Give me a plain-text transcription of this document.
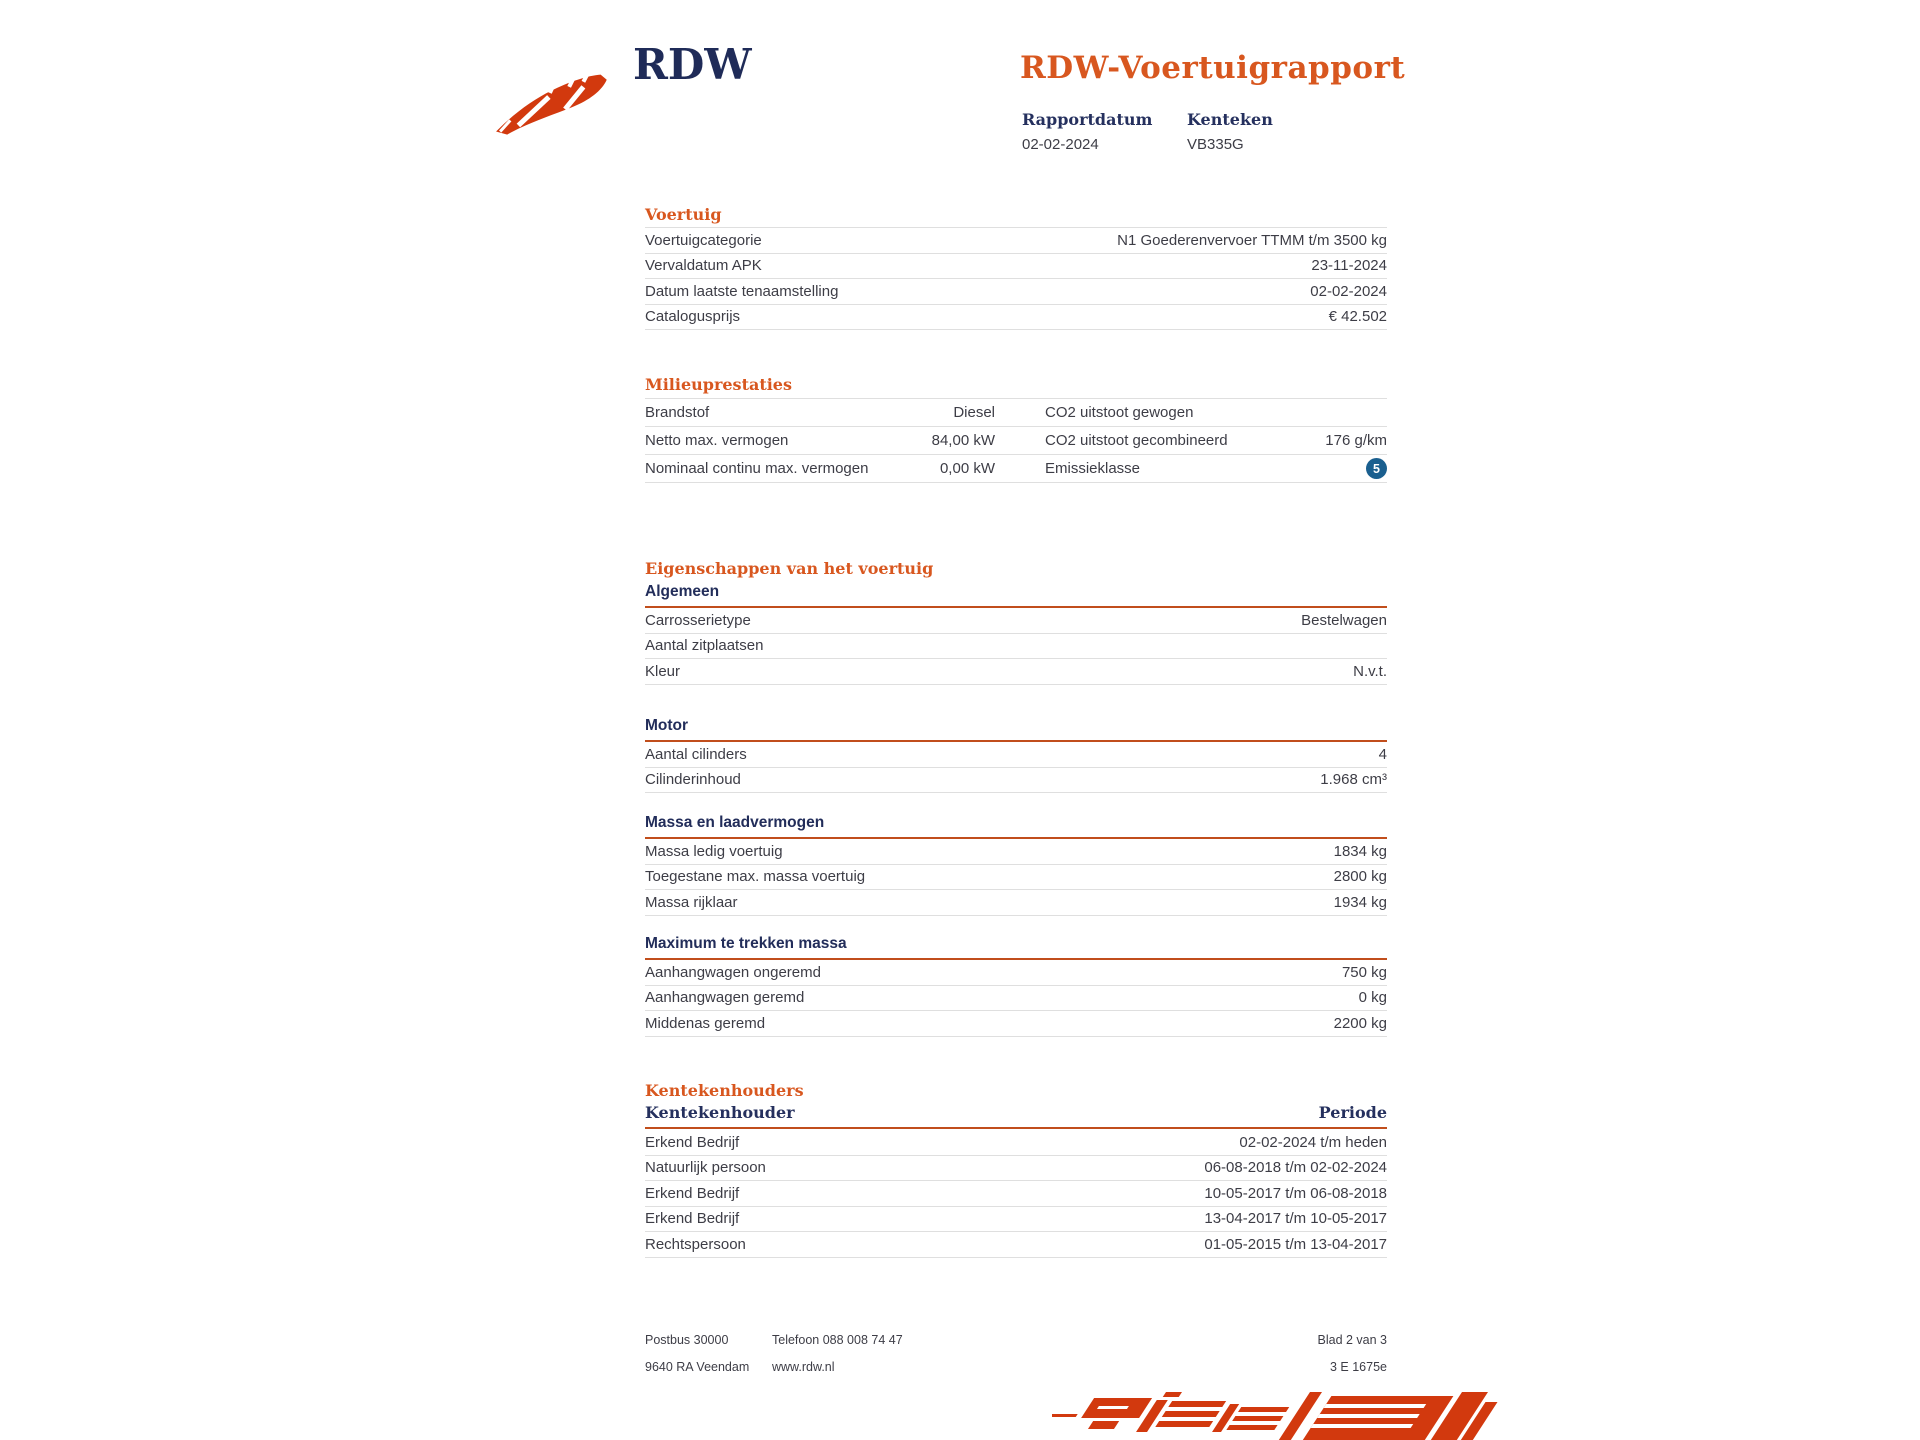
RDW	RDW-Voertuigrapport
Rapportdatum
02-02-2024
Kenteken
VB335G
Voertuig
Voertuigcategorie	N1 Goederenvervoer TTMM t/m 3500 kg
Vervaldatum APK	23-11-2024
Datum laatste tenaamstelling	02-02-2024
Catalogusprijs	€ 42.502
Milieuprestaties
Brandstof	Diesel	CO2 uitstoot gewogen
Netto max. vermogen	84,00 kW	CO2 uitstoot gecombineerd	176 g/km
Nominaal continu max. vermogen	0,00 kW	Emissieklasse	5
Eigenschappen van het voertuig
Algemeen
Carrosserietype	Bestelwagen
Aantal zitplaatsen
Kleur	N.v.t.
Motor
Aantal cilinders	4
Cilinderinhoud	1.968 cm³
Massa en laadvermogen
Massa ledig voertuig	1834 kg
Toegestane max. massa voertuig	2800 kg
Massa rijklaar	1934 kg
Maximum te trekken massa
Aanhangwagen ongeremd	750 kg
Aanhangwagen geremd	0 kg
Middenas geremd	2200 kg
Kentekenhouders
Kentekenhouder	Periode
Erkend Bedrijf	02-02-2024 t/m heden
Natuurlijk persoon	06-08-2018 t/m 02-02-2024
Erkend Bedrijf	10-05-2017 t/m 06-08-2018
Erkend Bedrijf	13-04-2017 t/m 10-05-2017
Rechtspersoon	01-05-2015 t/m 13-04-2017
Postbus 30000	Telefoon 088 008 74 47	Blad 2 van 3
9640 RA Veendam	www.rdw.nl	3 E 1675e
